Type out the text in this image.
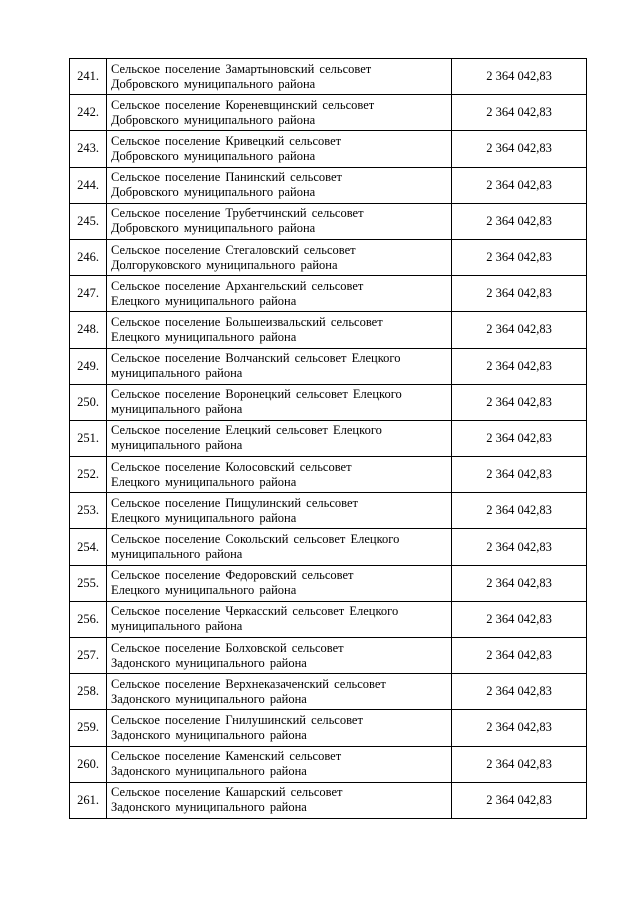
241.	Сельское поселение Замартыновский сельсовет
Добровского муниципального района	2 364 042,83
242.	Сельское поселение Кореневщинский сельсовет
Добровского муниципального района	2 364 042,83
243.	Сельское поселение Кривецкий сельсовет
Добровского муниципального района	2 364 042,83
244.	Сельское поселение Панинский сельсовет
Добровского муниципального района	2 364 042,83
245.	Сельское поселение Трубетчинский сельсовет
Добровского муниципального района	2 364 042,83
246.	Сельское поселение Стегаловский сельсовет
Долгоруковского муниципального района	2 364 042,83
247.	Сельское поселение Архангельский сельсовет
Елецкого муниципального района	2 364 042,83
248.	Сельское поселение Большеизвальский сельсовет
Елецкого муниципального района	2 364 042,83
249.	Сельское поселение Волчанский сельсовет Елецкого
муниципального района	2 364 042,83
250.	Сельское поселение Воронецкий сельсовет Елецкого
муниципального района	2 364 042,83
251.	Сельское поселение Елецкий сельсовет Елецкого
муниципального района	2 364 042,83
252.	Сельское поселение Колосовский сельсовет
Елецкого муниципального района	2 364 042,83
253.	Сельское поселение Пищулинский сельсовет
Елецкого муниципального района	2 364 042,83
254.	Сельское поселение Сокольский сельсовет Елецкого
муниципального района	2 364 042,83
255.	Сельское поселение Федоровский сельсовет
Елецкого муниципального района	2 364 042,83
256.	Сельское поселение Черкасский сельсовет Елецкого
муниципального района	2 364 042,83
257.	Сельское поселение Болховской сельсовет
Задонского муниципального района	2 364 042,83
258.	Сельское поселение Верхнеказаченский сельсовет
Задонского муниципального района	2 364 042,83
259.	Сельское поселение Гнилушинский сельсовет
Задонского муниципального района	2 364 042,83
260.	Сельское поселение Каменский сельсовет
Задонского муниципального района	2 364 042,83
261.	Сельское поселение Кашарский сельсовет
Задонского муниципального района	2 364 042,83
